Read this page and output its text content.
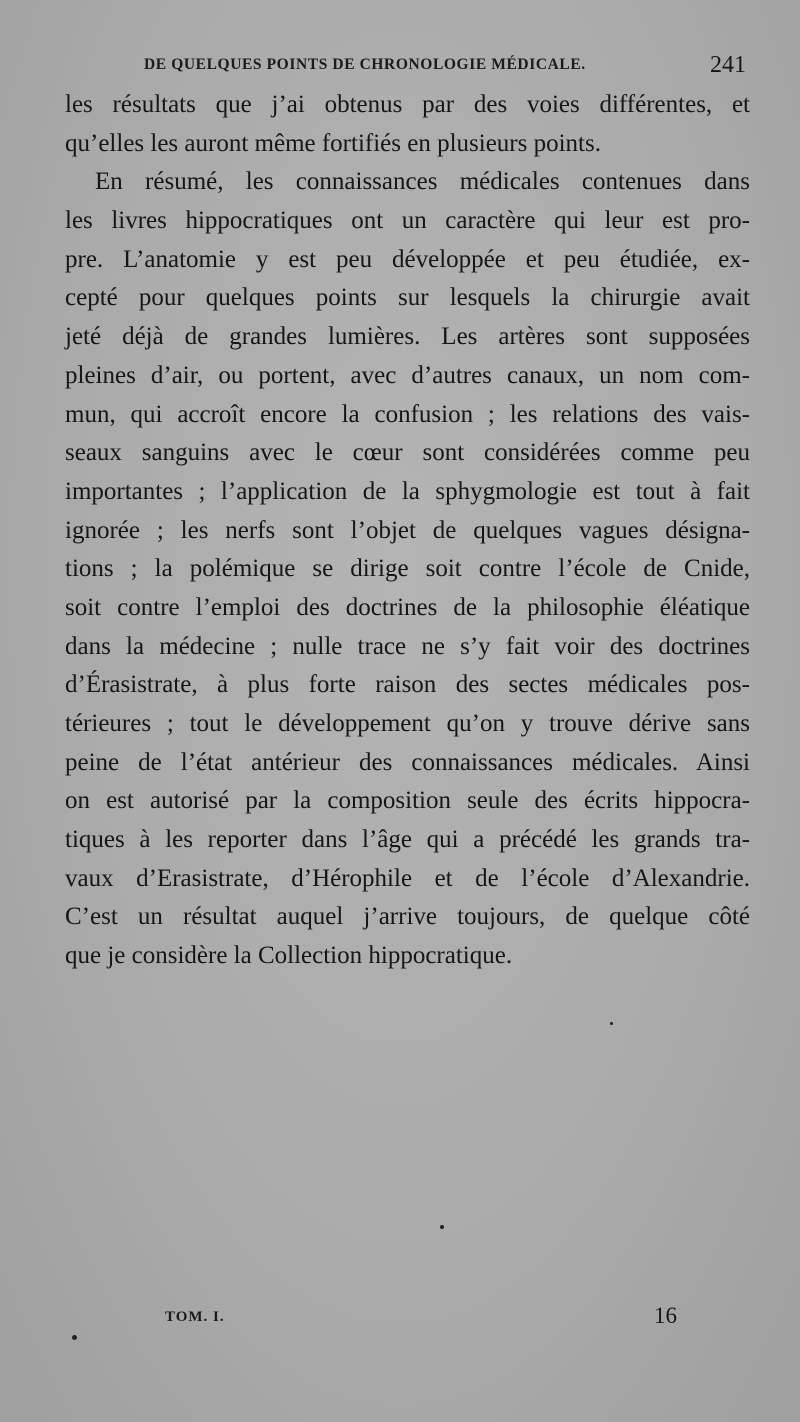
DE QUELQUES POINTS DE CHRONOLOGIE MÉDICALE.	241
les résultats que j’ai obtenus par des voies différentes, et
qu’elles les auront même fortifiés en plusieurs points.
En résumé, les connaissances médicales contenues dans
les livres hippocratiques ont un caractère qui leur est pro-
pre. L’anatomie y est peu développée et peu étudiée, ex-
cepté pour quelques points sur lesquels la chirurgie avait
jeté déjà de grandes lumières. Les artères sont supposées
pleines d’air, ou portent, avec d’autres canaux, un nom com-
mun, qui accroît encore la confusion ; les relations des vais-
seaux sanguins avec le cœur sont considérées comme peu
importantes ; l’application de la sphygmologie est tout à fait
ignorée ; les nerfs sont l’objet de quelques vagues désigna-
tions ; la polémique se dirige soit contre l’école de Cnide,
soit contre l’emploi des doctrines de la philosophie éléatique
dans la médecine ; nulle trace ne s’y fait voir des doctrines
d’Érasistrate, à plus forte raison des sectes médicales pos-
térieures ; tout le développement qu’on y trouve dérive sans
peine de l’état antérieur des connaissances médicales. Ainsi
on est autorisé par la composition seule des écrits hippocra-
tiques à les reporter dans l’âge qui a précédé les grands tra-
vaux d’Erasistrate, d’Hérophile et de l’école d’Alexandrie.
C’est un résultat auquel j’arrive toujours, de quelque côté
que je considère la Collection hippocratique.
TOM. I.	16
